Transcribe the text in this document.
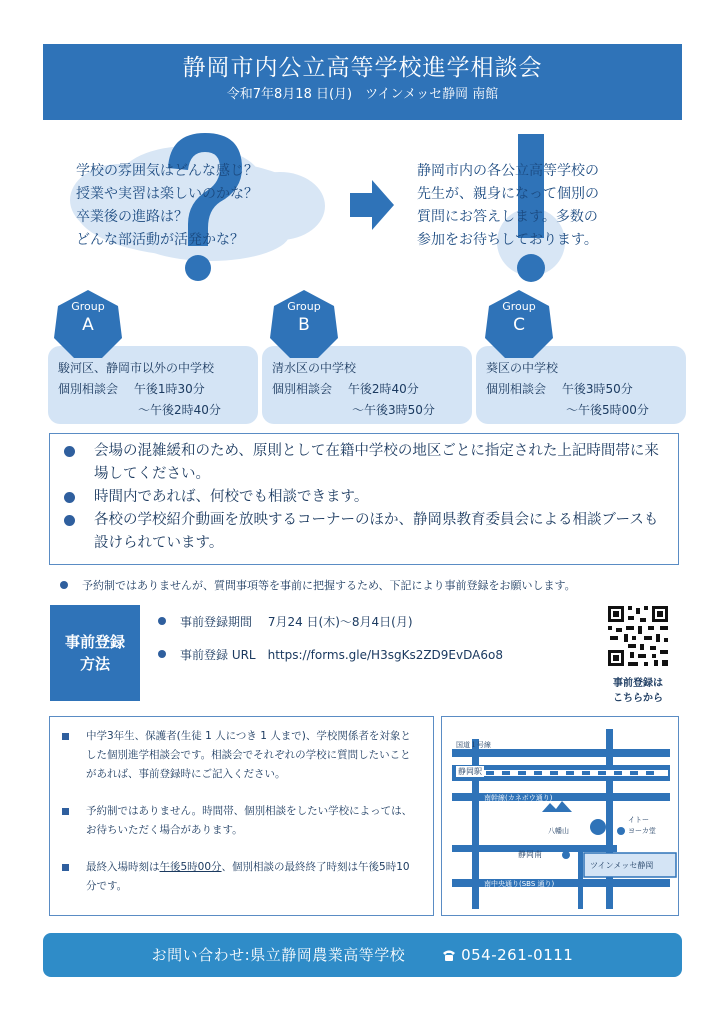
静岡市内公立高等学校進学相談会
令和7年8月18 日(月)　ツインメッセ静岡 南館
学校の雰囲気はどんな感じ？
授業や実習は楽しいのかな？
卒業後の進路は？
どんな部活動が活発かな？
静岡市内の各公立高等学校の
先生が、親身になって個別の
質問にお答えします。多数の
参加をお待ちしております。
駿河区、静岡市以外の中学校
個別相談会　 午後1時30分
～午後2時40分
Group
A
清水区の中学校
個別相談会　 午後2時40分
～午後3時50分
Group
B
葵区の中学校
個別相談会　 午後3時50分
～午後5時00分
Group
C
会場の混雑緩和のため、原則として在籍中学校の地区ごとに指定された上記時間帯に来場してください。
時間内であれば、何校でも相談できます。
各校の学校紹介動画を放映するコーナーのほか、静岡県教育委員会による相談ブースも設けられています。
予約制ではありませんが、質問事項等を事前に把握するため、下記により事前登録をお願いします。
事前登録
方法
事前登録期間　 7月24 日(木)～8月4日(月)
事前登録 URL　https://forms.gle/H3sgKs2ZD9EvDA6o8
事前登録は
こちらから
中学3年生、保護者(生徒 1 人につき 1 人まで)、学校関係者を対象とした個別進学相談会です。相談会でそれぞれの学校に質問したいことがあれば、事前登録時にご記入ください。
予約制ではありません。時間帯、個別相談をしたい学校によっては、お待ちいただく場合があります。
最終入場時刻は午後5時00分、個別相談の最終終了時刻は午後5時10分です。
国道１号線
静岡駅
南幹線(カネボウ通り)
八幡山
イトー
ヨーカ堂
静岡南
ツインメッセ静岡
南中央通り(SBS 通り)
お問い合わせ:県立静岡農業高等学校	054-261-0111
